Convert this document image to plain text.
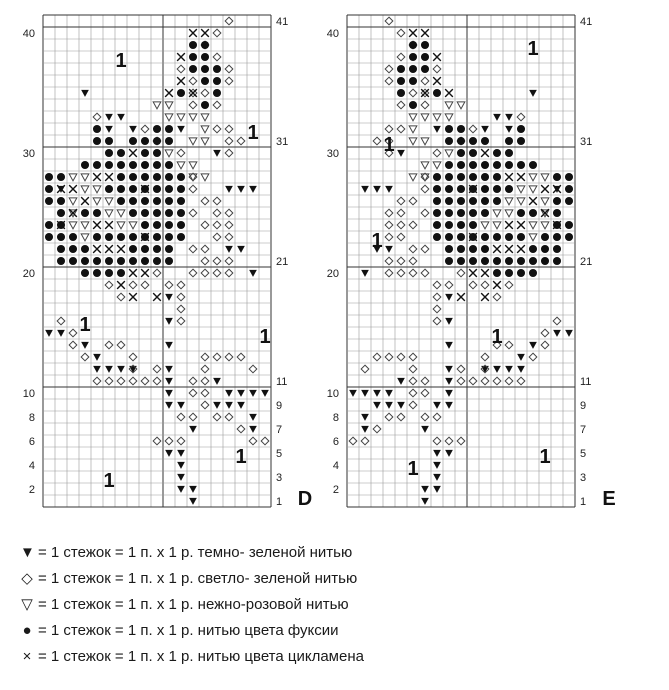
2
4
6
8
10
20
30
40
1
3
5
7
9
11
21
31
41
1
1
1
1
1
1
D 2
4
6
8
10
20
30
40
1
3
5
7
9
11
21
31
41
1
1
1
1
1
1
E
▼ = 1 стежок = 1 п. х 1 р. темно- зеленой нитью
◇ = 1 стежок = 1 п. х 1 р. светло- зеленой нитью
▽ = 1 стежок = 1 п. х 1 р. нежно-розовой нитью
● = 1 стежок = 1 п. х 1 р. нитью цвета фуксии
× = 1 стежок = 1 п. х 1 р. нитью цвета цикламена
